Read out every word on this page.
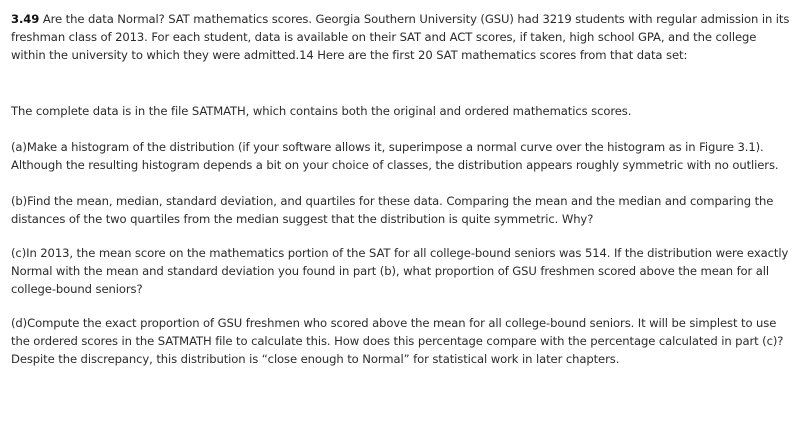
3.49 Are the data Normal? SAT mathematics scores. Georgia Southern University (GSU) had 3219 students with regular admission in its freshman class of 2013. For each student, data is available on their SAT and ACT scores, if taken, high school GPA, and the college within the university to which they were admitted.14 Here are the first 20 SAT mathematics scores from that data set:

The complete data is in the file SATMATH, which contains both the original and ordered mathematics scores.

(a)Make a histogram of the distribution (if your software allows it, superimpose a normal curve over the histogram as in Figure 3.1). Although the resulting histogram depends a bit on your choice of classes, the distribution appears roughly symmetric with no outliers.

(b)Find the mean, median, standard deviation, and quartiles for these data. Comparing the mean and the median and comparing the distances of the two quartiles from the median suggest that the distribution is quite symmetric. Why?

(c)In 2013, the mean score on the mathematics portion of the SAT for all college-bound seniors was 514. If the distribution were exactly Normal with the mean and standard deviation you found in part (b), what proportion of GSU freshmen scored above the mean for all college-bound seniors?

(d)Compute the exact proportion of GSU freshmen who scored above the mean for all college-bound seniors. It will be simplest to use the ordered scores in the SATMATH file to calculate this. How does this percentage compare with the percentage calculated in part (c)? Despite the discrepancy, this distribution is “close enough to Normal” for statistical work in later chapters.
